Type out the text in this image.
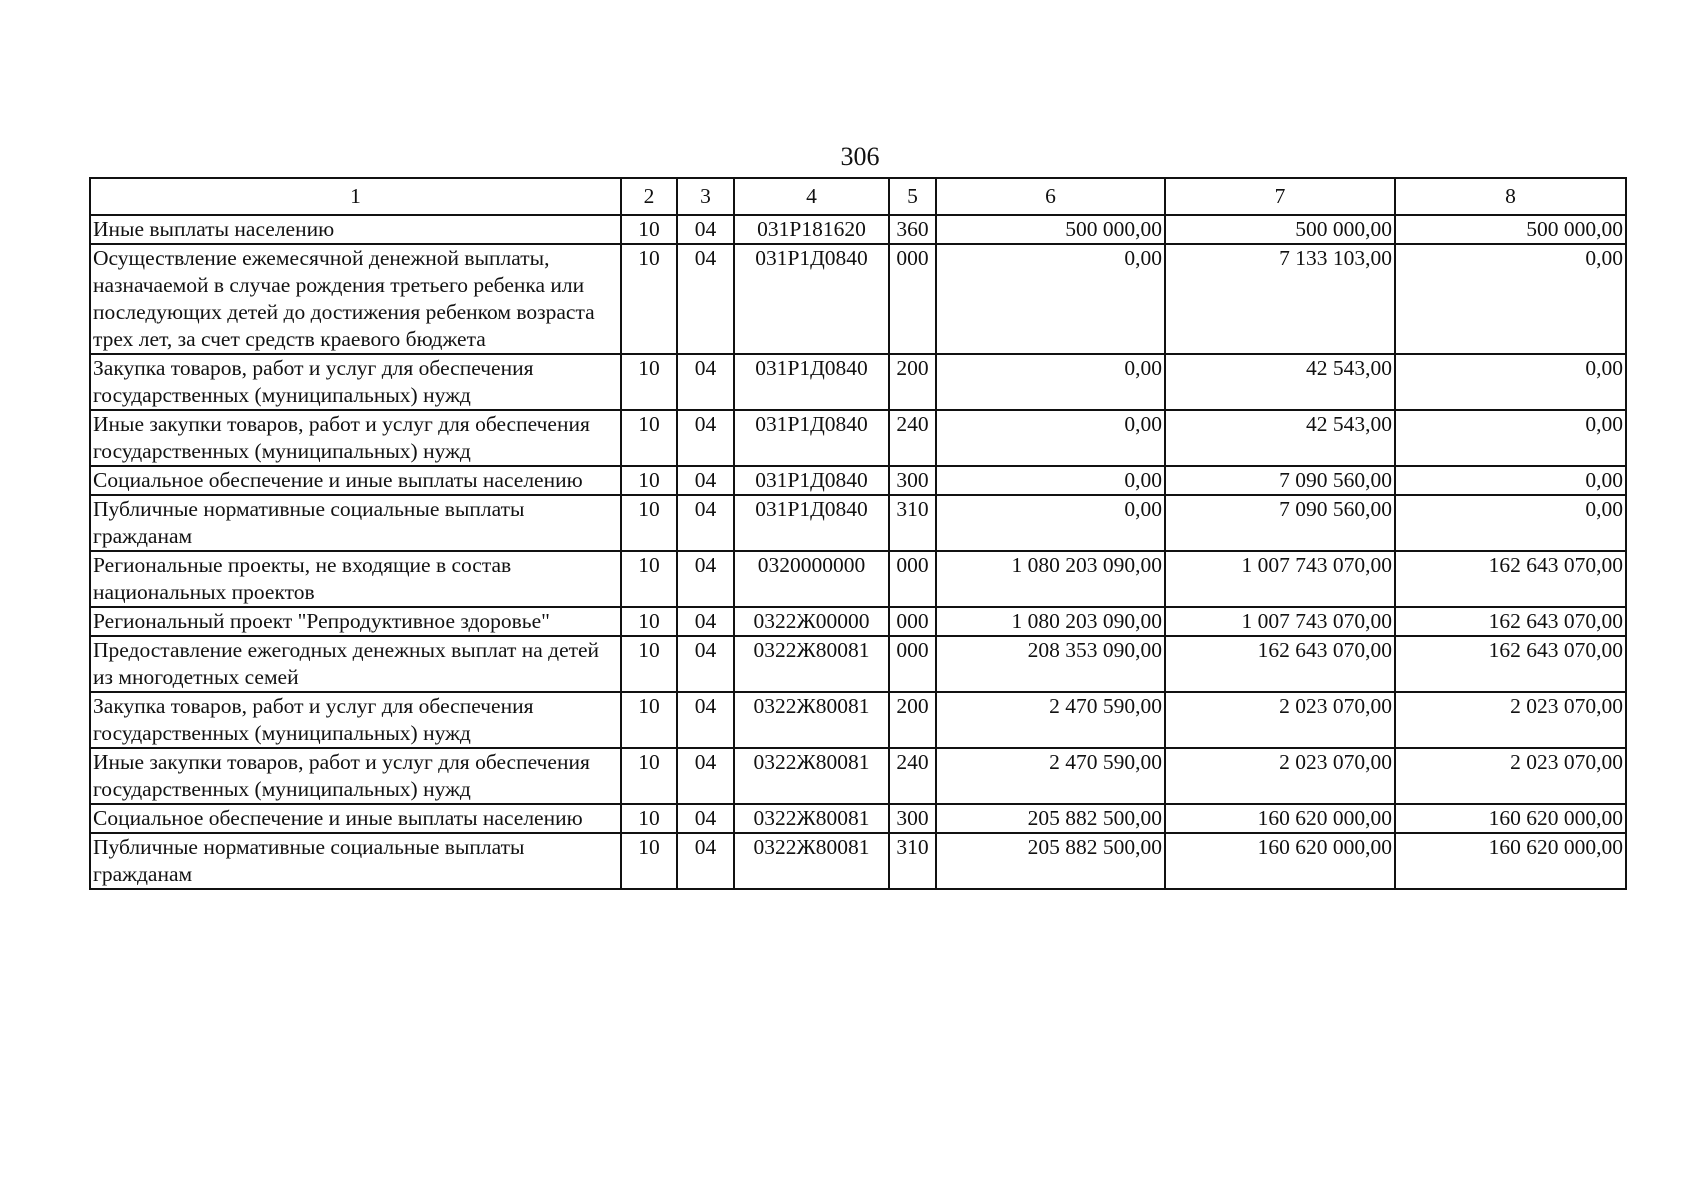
306
1	2	3	4	5	6	7	8
Иные выплаты населению	10	04	031P181620	360	500 000,00	500 000,00	500 000,00
Осуществление ежемесячной денежной выплаты, назначаемой в случае рождения третьего ребенка или последующих детей до достижения ребенком возраста трех лет, за счет средств краевого бюджета	10	04	031P1Д0840	000	0,00	7 133 103,00	0,00
Закупка товаров, работ и услуг для обеспечения государственных (муниципальных) нужд	10	04	031P1Д0840	200	0,00	42 543,00	0,00
Иные закупки товаров, работ и услуг для обеспечения государственных (муниципальных) нужд	10	04	031P1Д0840	240	0,00	42 543,00	0,00
Социальное обеспечение и иные выплаты населению	10	04	031P1Д0840	300	0,00	7 090 560,00	0,00
Публичные нормативные социальные выплаты гражданам	10	04	031P1Д0840	310	0,00	7 090 560,00	0,00
Региональные проекты, не входящие в состав национальных проектов	10	04	0320000000	000	1 080 203 090,00	1 007 743 070,00	162 643 070,00
Региональный проект "Репродуктивное здоровье"	10	04	0322Ж00000	000	1 080 203 090,00	1 007 743 070,00	162 643 070,00
Предоставление ежегодных денежных выплат на детей из многодетных семей	10	04	0322Ж80081	000	208 353 090,00	162 643 070,00	162 643 070,00
Закупка товаров, работ и услуг для обеспечения государственных (муниципальных) нужд	10	04	0322Ж80081	200	2 470 590,00	2 023 070,00	2 023 070,00
Иные закупки товаров, работ и услуг для обеспечения государственных (муниципальных) нужд	10	04	0322Ж80081	240	2 470 590,00	2 023 070,00	2 023 070,00
Социальное обеспечение и иные выплаты населению	10	04	0322Ж80081	300	205 882 500,00	160 620 000,00	160 620 000,00
Публичные нормативные социальные выплаты гражданам	10	04	0322Ж80081	310	205 882 500,00	160 620 000,00	160 620 000,00
